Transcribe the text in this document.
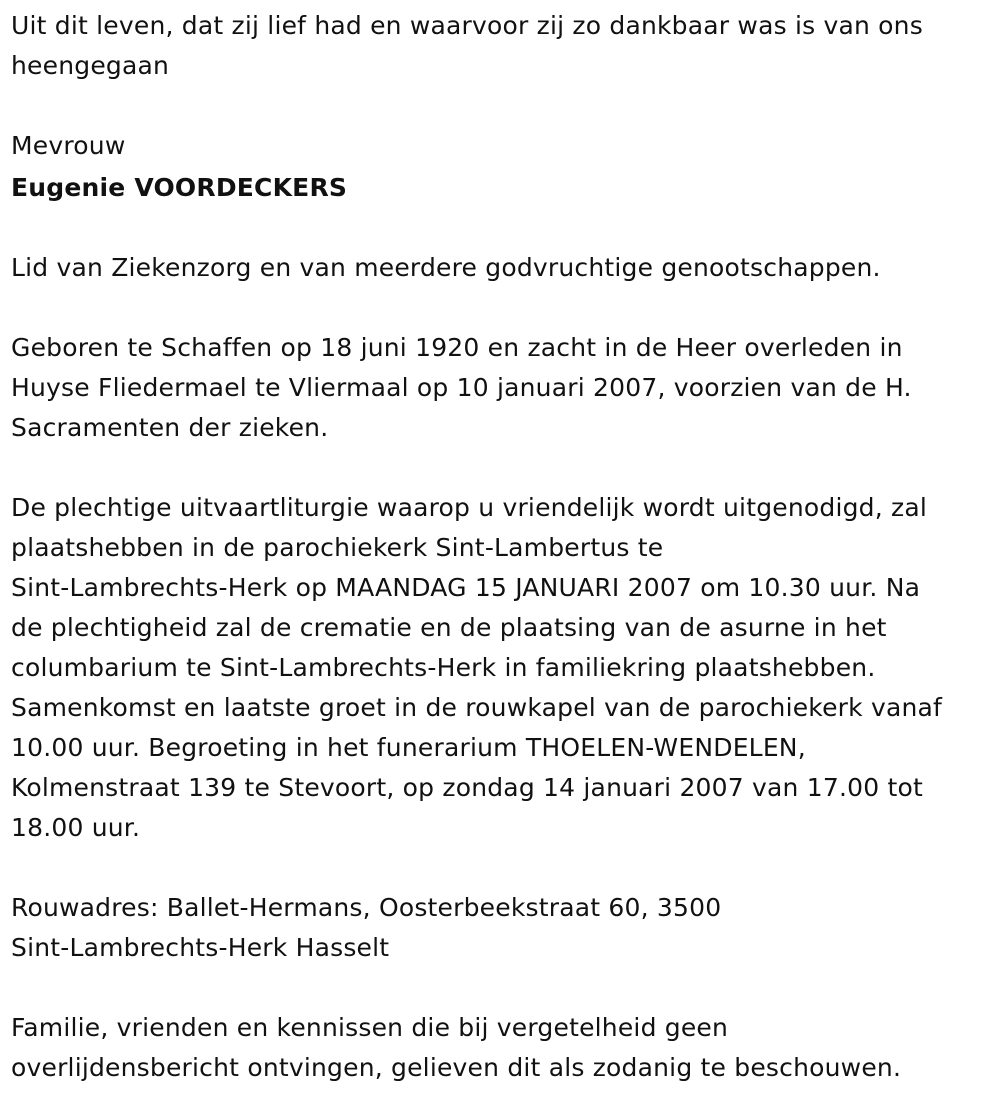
Uit dit leven, dat zij lief had en waarvoor zij zo dankbaar was is van ons
heengegaan

Mevrouw

Eugenie VOORDECKERS

Lid van Ziekenzorg en van meerdere godvruchtige genootschappen.

Geboren te Schaffen op 18 juni 1920 en zacht in de Heer overleden in
Huyse Fliedermael te Vliermaal op 10 januari 2007, voorzien van de H.
Sacramenten der zieken.

De plechtige uitvaartliturgie waarop u vriendelijk wordt uitgenodigd, zal
plaatshebben in de parochiekerk Sint-Lambertus te
Sint-Lambrechts-Herk op MAANDAG 15 JANUARI 2007 om 10.30 uur. Na
de plechtigheid zal de crematie en de plaatsing van de asurne in het
columbarium te Sint-Lambrechts-Herk in familiekring plaatshebben.
Samenkomst en laatste groet in de rouwkapel van de parochiekerk vanaf
10.00 uur. Begroeting in het funerarium THOELEN-WENDELEN,
Kolmenstraat 139 te Stevoort, op zondag 14 januari 2007 van 17.00 tot
18.00 uur.

Rouwadres: Ballet-Hermans, Oosterbeekstraat 60, 3500
Sint-Lambrechts-Herk Hasselt

Familie, vrienden en kennissen die bij vergetelheid geen
overlijdensbericht ontvingen, gelieven dit als zodanig te beschouwen.
